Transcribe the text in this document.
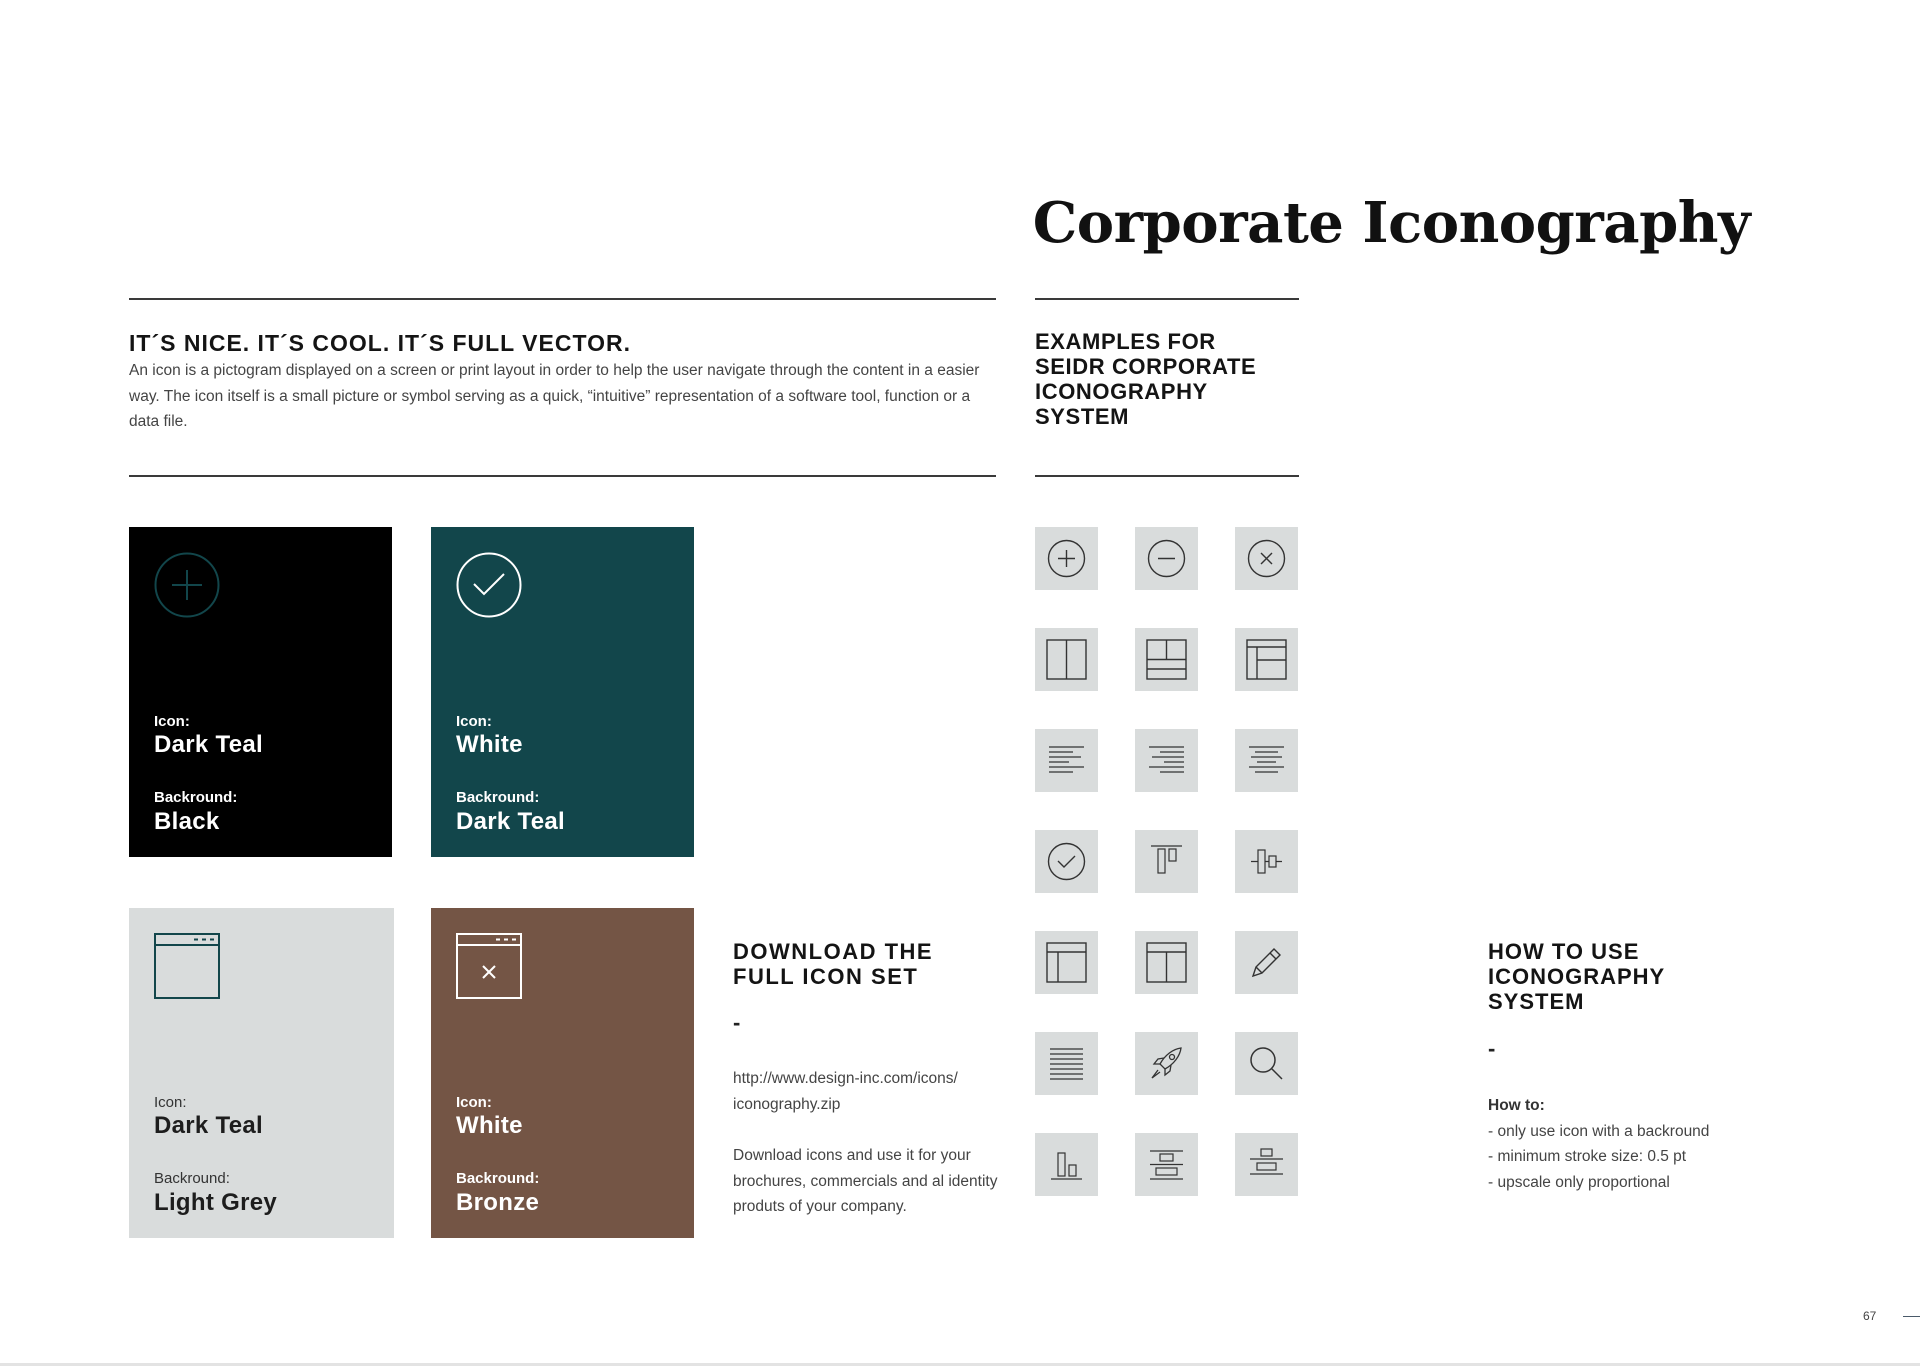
Corporate Iconography
IT´S NICE. IT´S COOL. IT´S FULL VECTOR.
An icon is a pictogram displayed on a screen or print layout in order to help the user navigate through the content in a easier way. The icon itself is a small picture or symbol serving as a quick, “intuitive” representation of a software tool, function or a data file.
EXAMPLES FOR SEIDR CORPORATE ICONOGRAPHY SYSTEM
Icon:
Dark Teal
Backround:
Black
Icon:
White
Backround:
Dark Teal
Icon:
Dark Teal
Backround:
Light Grey
Icon:
White
Backround:
Bronze
DOWNLOAD THE FULL ICON SET
-
http://www.design-inc.com/icons/ iconography.zip
Download icons and use it for your brochures, commercials and al identity produts of your company.
HOW TO USE ICONOGRAPHY SYSTEM
-
How to:
- only use icon with a backround
- minimum stroke size: 0.5 pt
- upscale only proportional
67
